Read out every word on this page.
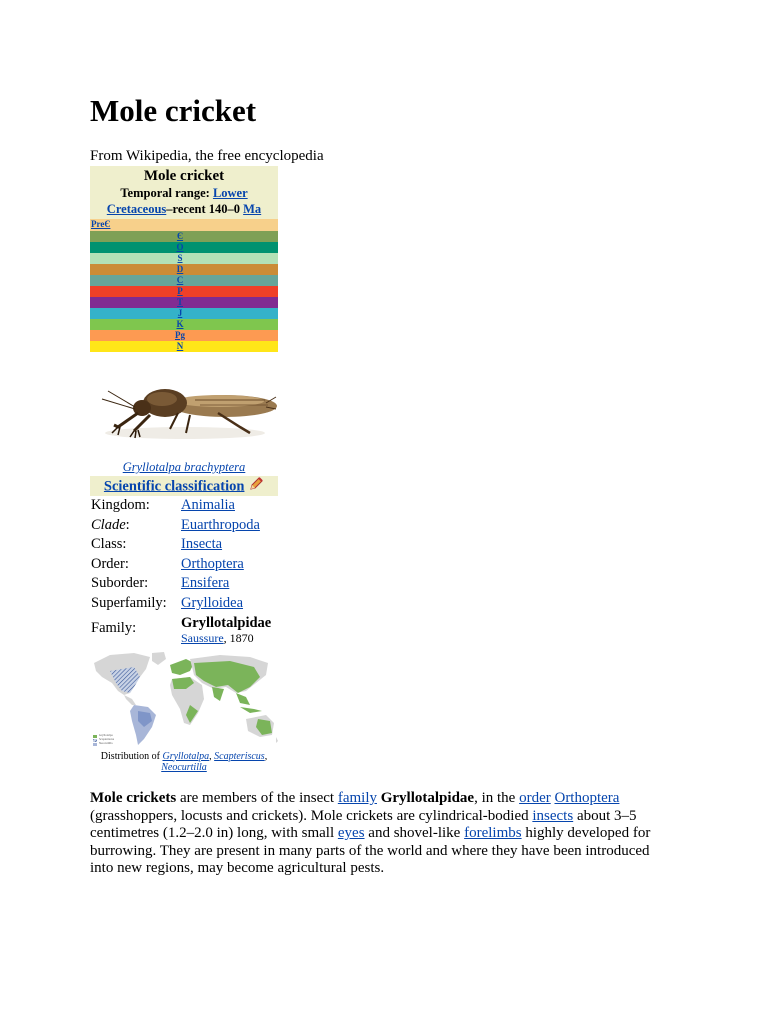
Mole cricket
From Wikipedia, the free encyclopedia
Mole cricket
Temporal range: Lower
Cretaceous–recent 140–0 Ma
PreЄ
Є
O
S
D
C
P
T
J
K
Pg
N
Gryllotalpa brachyptera
Scientific classification
Kingdom:	Animalia
Clade:	Euarthropoda
Class:	Insecta
Order:	Orthoptera
Suborder:	Ensifera
Superfamily:	Grylloidea
Family:	Gryllotalpidae
Saussure, 1870
Gryllotalpa
Scapteriscus
Neocurtilla
Distribution of Gryllotalpa, Scapteriscus,
Neocurtilla
Mole crickets are members of the insect family Gryllotalpidae, in the order Orthoptera (grasshoppers, locusts and crickets). Mole crickets are cylindrical-bodied insects about 3–5 centimetres (1.2–2.0 in) long, with small eyes and shovel-like forelimbs highly developed for burrowing. They are present in many parts of the world and where they have been introduced into new regions, may become agricultural pests.
